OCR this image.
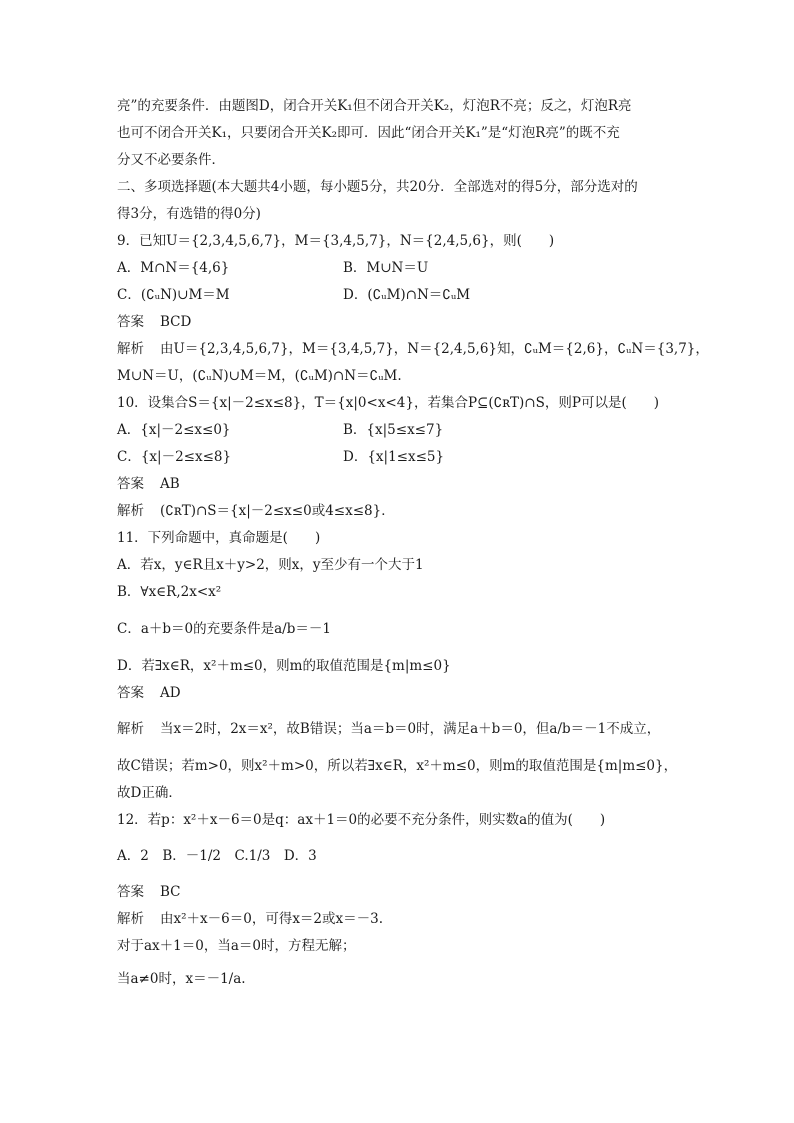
亮”的充要条件．由题图D，闭合开关K₁但不闭合开关K₂，灯泡R不亮；反之，灯泡R亮
也可不闭合开关K₁，只要闭合开关K₂即可．因此“闭合开关K₁”是“灯泡R亮”的既不充
分又不必要条件．
二、多项选择题(本大题共4小题，每小题5分，共20分．全部选对的得5分，部分选对的
得3分，有选错的得0分)
9．已知U＝{2,3,4,5,6,7}，M＝{3,4,5,7}，N＝{2,4,5,6}，则(　　)
A．M∩N＝{4,6}	B．M∪N＝U
C．(∁ᵤN)∪M＝M	D．(∁ᵤM)∩N＝∁ᵤM
答案 BCD
解析 由U＝{2,3,4,5,6,7}，M＝{3,4,5,7}，N＝{2,4,5,6}知，∁ᵤM＝{2,6}，∁ᵤN＝{3,7}，
M∪N＝U，(∁ᵤN)∪M＝M，(∁ᵤM)∩N＝∁ᵤM.
10．设集合S＝{x|－2≤x≤8}，T＝{x|0<x<4}，若集合P⊆(∁ʀT)∩S，则P可以是(　　)
A．{x|－2≤x≤0}	B．{x|5≤x≤7}
C．{x|－2≤x≤8}	D．{x|1≤x≤5}
答案 AB
解析 (∁ʀT)∩S＝{x|－2≤x≤0或4≤x≤8}．
11．下列命题中，真命题是(　　)
A．若x，y∈R且x＋y>2，则x，y至少有一个大于1
B．∀x∈R,2x<x²
C．a＋b＝0的充要条件是a/b＝－1
D．若∃x∈R，x²＋m≤0，则m的取值范围是{m|m≤0}
答案 AD
解析 当x＝2时，2x＝x²，故B错误；当a＝b＝0时，满足a＋b＝0，但a/b＝－1不成立，
故C错误；若m>0，则x²＋m>0，所以若∃x∈R，x²＋m≤0，则m的取值范围是{m|m≤0}，
故D正确．
12．若p：x²＋x－6＝0是q：ax＋1＝0的必要不充分条件，则实数a的值为(　　)
A．2　B．－1/2　C.1/3　D．3
答案 BC
解析 由x²＋x－6＝0，可得x＝2或x＝－3.
对于ax＋1＝0，当a＝0时，方程无解；
当a≠0时，x＝－1/a.
